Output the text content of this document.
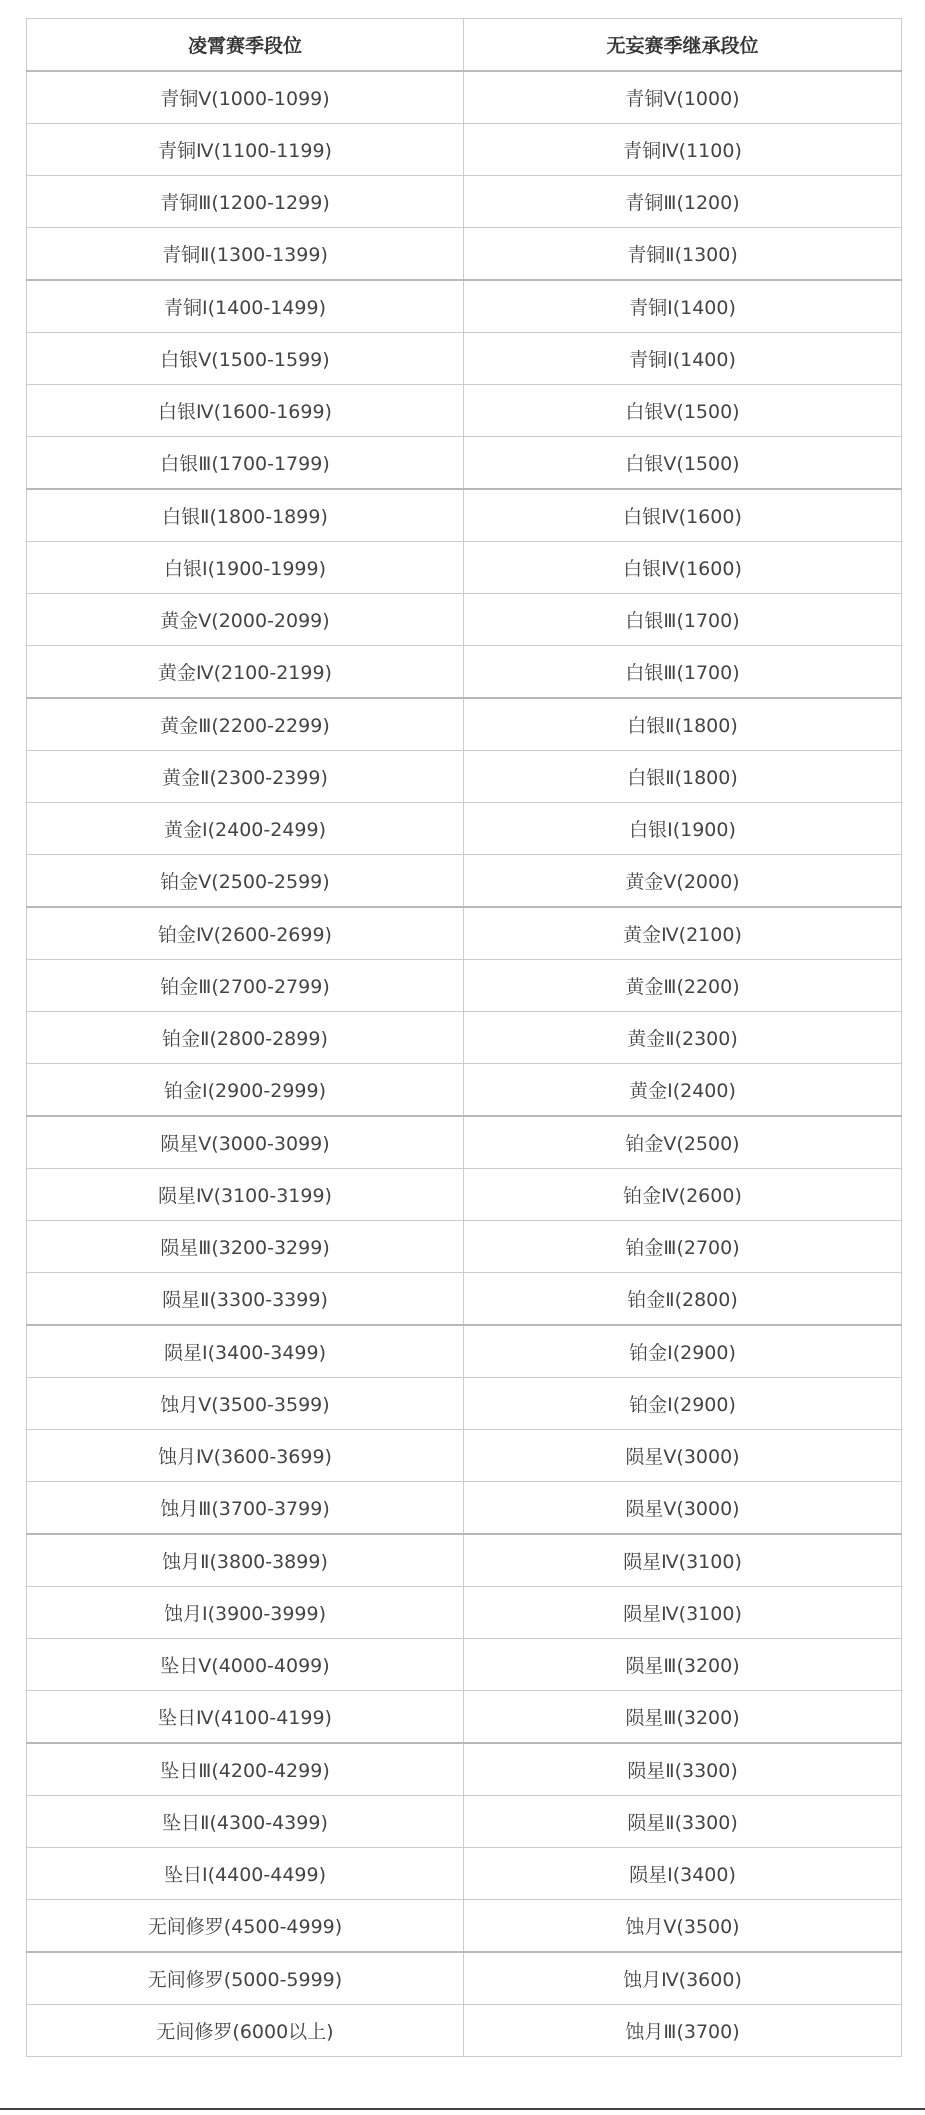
凌霄赛季段位	无妄赛季继承段位
青铜Ⅴ(1000-1099)	青铜Ⅴ(1000)
青铜Ⅳ(1100-1199)	青铜Ⅳ(1100)
青铜Ⅲ(1200-1299)	青铜Ⅲ(1200)
青铜Ⅱ(1300-1399)	青铜Ⅱ(1300)
青铜Ⅰ(1400-1499)	青铜Ⅰ(1400)
白银Ⅴ(1500-1599)	青铜Ⅰ(1400)
白银Ⅳ(1600-1699)	白银Ⅴ(1500)
白银Ⅲ(1700-1799)	白银Ⅴ(1500)
白银Ⅱ(1800-1899)	白银Ⅳ(1600)
白银Ⅰ(1900-1999)	白银Ⅳ(1600)
黄金Ⅴ(2000-2099)	白银Ⅲ(1700)
黄金Ⅳ(2100-2199)	白银Ⅲ(1700)
黄金Ⅲ(2200-2299)	白银Ⅱ(1800)
黄金Ⅱ(2300-2399)	白银Ⅱ(1800)
黄金Ⅰ(2400-2499)	白银Ⅰ(1900)
铂金Ⅴ(2500-2599)	黄金Ⅴ(2000)
铂金Ⅳ(2600-2699)	黄金Ⅳ(2100)
铂金Ⅲ(2700-2799)	黄金Ⅲ(2200)
铂金Ⅱ(2800-2899)	黄金Ⅱ(2300)
铂金Ⅰ(2900-2999)	黄金Ⅰ(2400)
陨星Ⅴ(3000-3099)	铂金Ⅴ(2500)
陨星Ⅳ(3100-3199)	铂金Ⅳ(2600)
陨星Ⅲ(3200-3299)	铂金Ⅲ(2700)
陨星Ⅱ(3300-3399)	铂金Ⅱ(2800)
陨星Ⅰ(3400-3499)	铂金Ⅰ(2900)
蚀月Ⅴ(3500-3599)	铂金Ⅰ(2900)
蚀月Ⅳ(3600-3699)	陨星Ⅴ(3000)
蚀月Ⅲ(3700-3799)	陨星Ⅴ(3000)
蚀月Ⅱ(3800-3899)	陨星Ⅳ(3100)
蚀月Ⅰ(3900-3999)	陨星Ⅳ(3100)
坠日Ⅴ(4000-4099)	陨星Ⅲ(3200)
坠日Ⅳ(4100-4199)	陨星Ⅲ(3200)
坠日Ⅲ(4200-4299)	陨星Ⅱ(3300)
坠日Ⅱ(4300-4399)	陨星Ⅱ(3300)
坠日Ⅰ(4400-4499)	陨星Ⅰ(3400)
无间修罗(4500-4999)	蚀月Ⅴ(3500)
无间修罗(5000-5999)	蚀月Ⅳ(3600)
无间修罗(6000以上)	蚀月Ⅲ(3700)
